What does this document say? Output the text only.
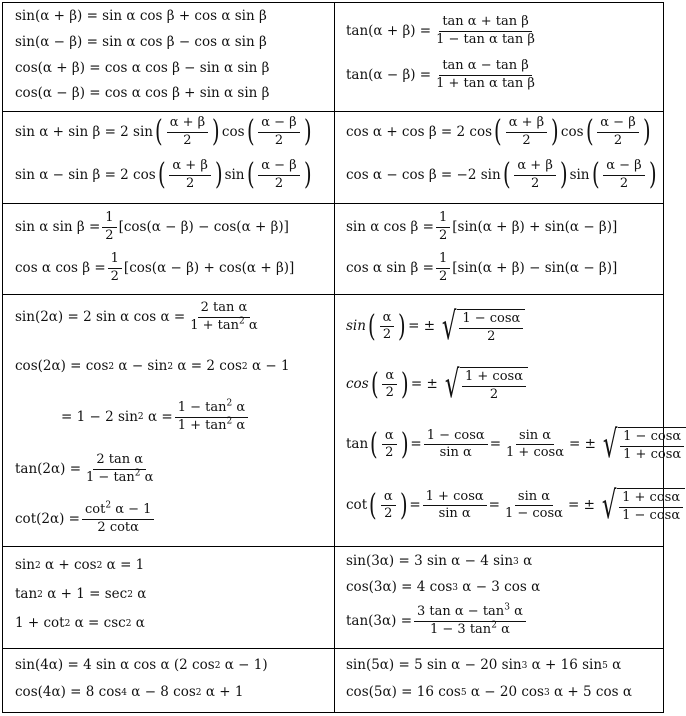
sin(α + β) = sin α cos β + cos α sin β
sin(α − β) = sin α cos β − cos α sin β
cos(α + β) = cos α cos β − sin α sin β
cos(α − β) = cos α cos β + sin α sin β
$\tan(\alpha + \beta) = \frac{\text{tan α + tan β}}{\text{1 − tan α tan β}}$
$\tan(\alpha - \beta) = \frac{\text{tan α − tan β}}{\text{1 + tan α tan β}}$
sin α + sin β = 2 sin ( $\frac{\alpha + \beta}{2}$ ) cos ( $\frac{\alpha - \beta}{2}$ )
sin α − sin β = 2 cos ( $\frac{\alpha + \beta}{2}$ ) sin ( $\frac{\alpha - \beta}{2}$ )
cos α + cos β = 2 cos ( $\frac{\alpha + \beta}{2}$ ) cos ( $\frac{\alpha - \beta}{2}$ )
cos α − cos β = −2 sin ( $\frac{\alpha + \beta}{2}$ ) sin ( $\frac{\alpha - \beta}{2}$ )
sin α $\sin \beta = \frac{1}{2} [\cos(\alpha - \beta) - \cos(\alpha + \beta)]$
cos α $\cos \beta = \frac{1}{2} [\cos(\alpha - \beta) + \cos(\alpha + \beta)]$
sin α $\cos \beta = \frac{1}{2} [\sin(\alpha + \beta) + \sin(\alpha - \beta)]$
cos α $\sin \beta = \frac{1}{2} [\sin(\alpha + \beta) - \sin(\alpha - \beta)]$
sin(2α) = 2 sin α $\cos \alpha = \frac{\text{2 tan α}}{1 + \tan^2 \alpha}$
cos(2α) = cos 2
α − sin 2
α = 2 cos 2
α − 1
= 1 − 2 sin 2
$\alpha = \frac{1 - \tan^2 \alpha}{1 + \tan^2 \alpha}$
$\tan(2\alpha) = \frac{\text{2 tan α}}{1 - \tan^2 \alpha}$
$\cot(2\alpha) = \frac{\cot^2 \alpha - 1}{2 \cot\alpha}$
sin ( $\frac{\alpha}{2}$ ) = ± √ $\frac{1 - \cos\alpha}{2}$
cos ( $\frac{\alpha}{2}$ ) = ± √ $\frac{1 + \cos\alpha}{2}$
tan ( $\frac{\alpha}{2}$ ) = $\frac{1 - \cos\alpha}{\text{sin α}} = \frac{\text{sin α}}{1 + \cos\alpha}$ = ± √ $\frac{1 - \cos\alpha}{1 + \cos\alpha}$
cot ( $\frac{\alpha}{2}$ ) = $\frac{1 + \cos\alpha}{\text{sin α}} = \frac{\text{sin α}}{1 - \cos\alpha}$ = ± √ $\frac{1 + \cos\alpha}{1 - \cos\alpha}$
sin 2
α + cos 2
α = 1
tan 2
α + 1 = sec 2
α
1 + cot 2
α = csc 2
α
sin(3α) = 3 sin α − 4 sin 3
α
cos(3α) = 4 cos 3
α − 3 cos α
$\tan(3\alpha) = \frac{3 \tan \alpha - \tan^3 \alpha}{1 - 3 \tan^2 \alpha}$
sin(4α) = 4 sin α cos α (2 cos 2
α − 1)
cos(4α) = 8 cos 4
α − 8 cos 2
α + 1
sin(5α) = 5 sin α − 20 sin 3
α + 16 sin 5
α
cos(5α) = 16 cos 5
α − 20 cos 3
α + 5 cos α
